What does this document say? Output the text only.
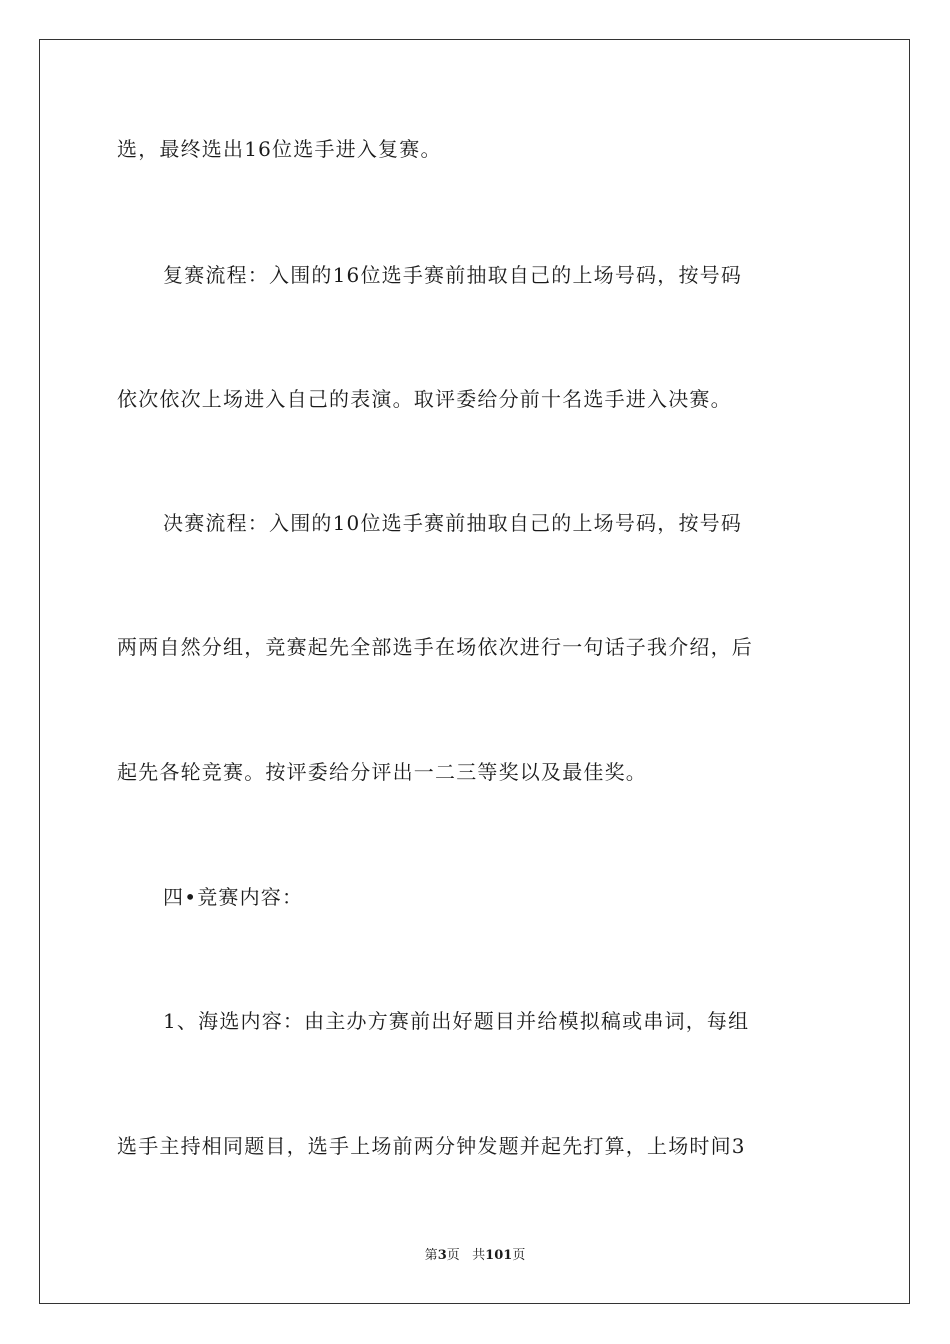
选，最终选出16位选手进入复赛。
复赛流程：入围的16位选手赛前抽取自己的上场号码，按号码
依次依次上场进入自己的表演。取评委给分前十名选手进入决赛。
决赛流程：入围的10位选手赛前抽取自己的上场号码，按号码
两两自然分组，竞赛起先全部选手在场依次进行一句话子我介绍，后
起先各轮竞赛。按评委给分评出一二三等奖以及最佳奖。
四•竞赛内容：
1、海选内容：由主办方赛前出好题目并给模拟稿或串词，每组
选手主持相同题目，选手上场前两分钟发题并起先打算，上场时间3
第3页 共101页
